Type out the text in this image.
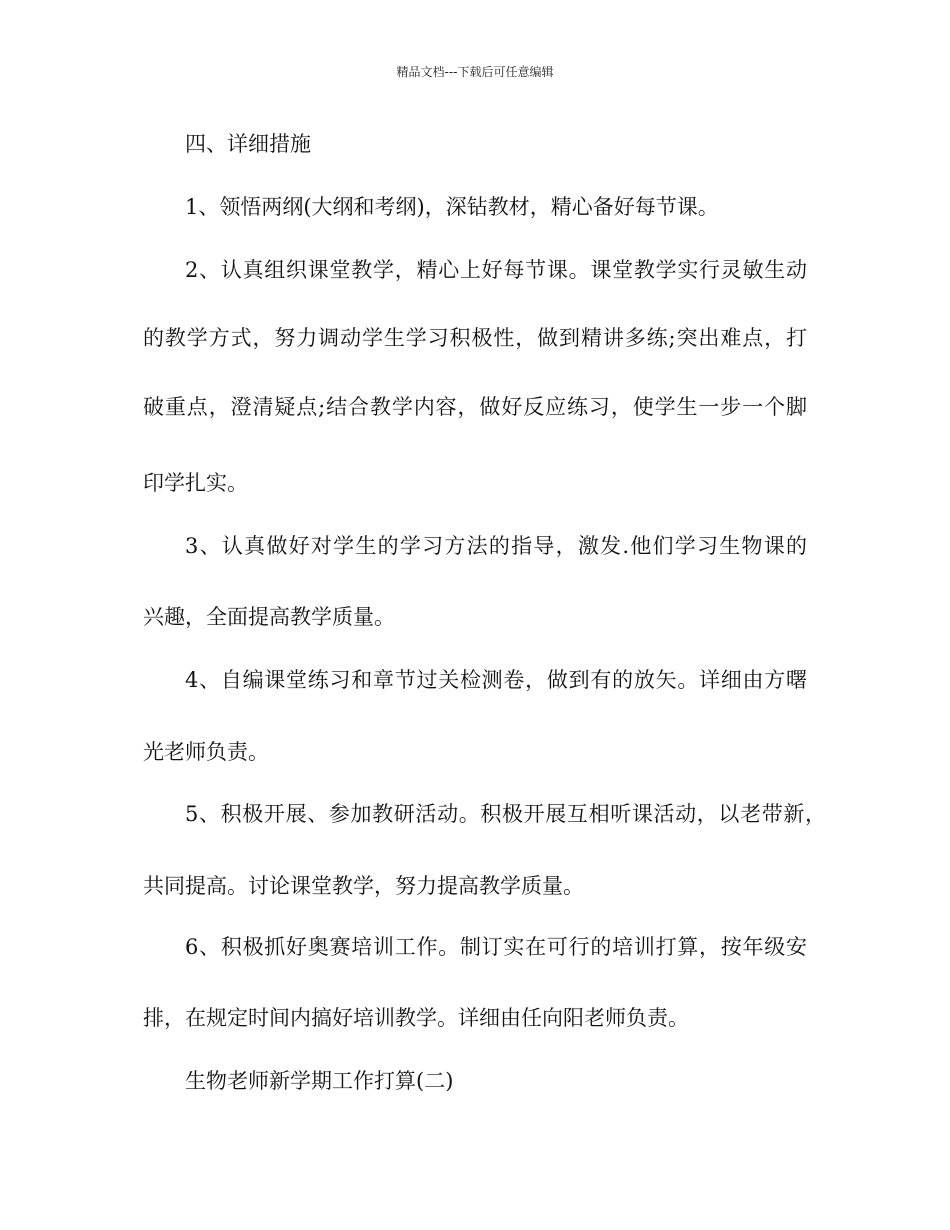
精品文档---下载后可任意编辑
四、详细措施
1、领悟两纲(大纲和考纲)，深钻教材，精心备好每节课。
2、认真组织课堂教学，精心上好每节课。课堂教学实行灵敏生动
的教学方式，努力调动学生学习积极性，做到精讲多练;突出难点，打
破重点，澄清疑点;结合教学内容，做好反应练习，使学生一步一个脚
印学扎实。
3、认真做好对学生的学习方法的指导，激发.他们学习生物课的
兴趣，全面提高教学质量。
4、自编课堂练习和章节过关检测卷，做到有的放矢。详细由方曙
光老师负责。
5、积极开展、参加教研活动。积极开展互相听课活动，以老带新，
共同提高。讨论课堂教学，努力提高教学质量。
6、积极抓好奥赛培训工作。制订实在可行的培训打算，按年级安
排，在规定时间内搞好培训教学。详细由任向阳老师负责。
生物老师新学期工作打算(二)
